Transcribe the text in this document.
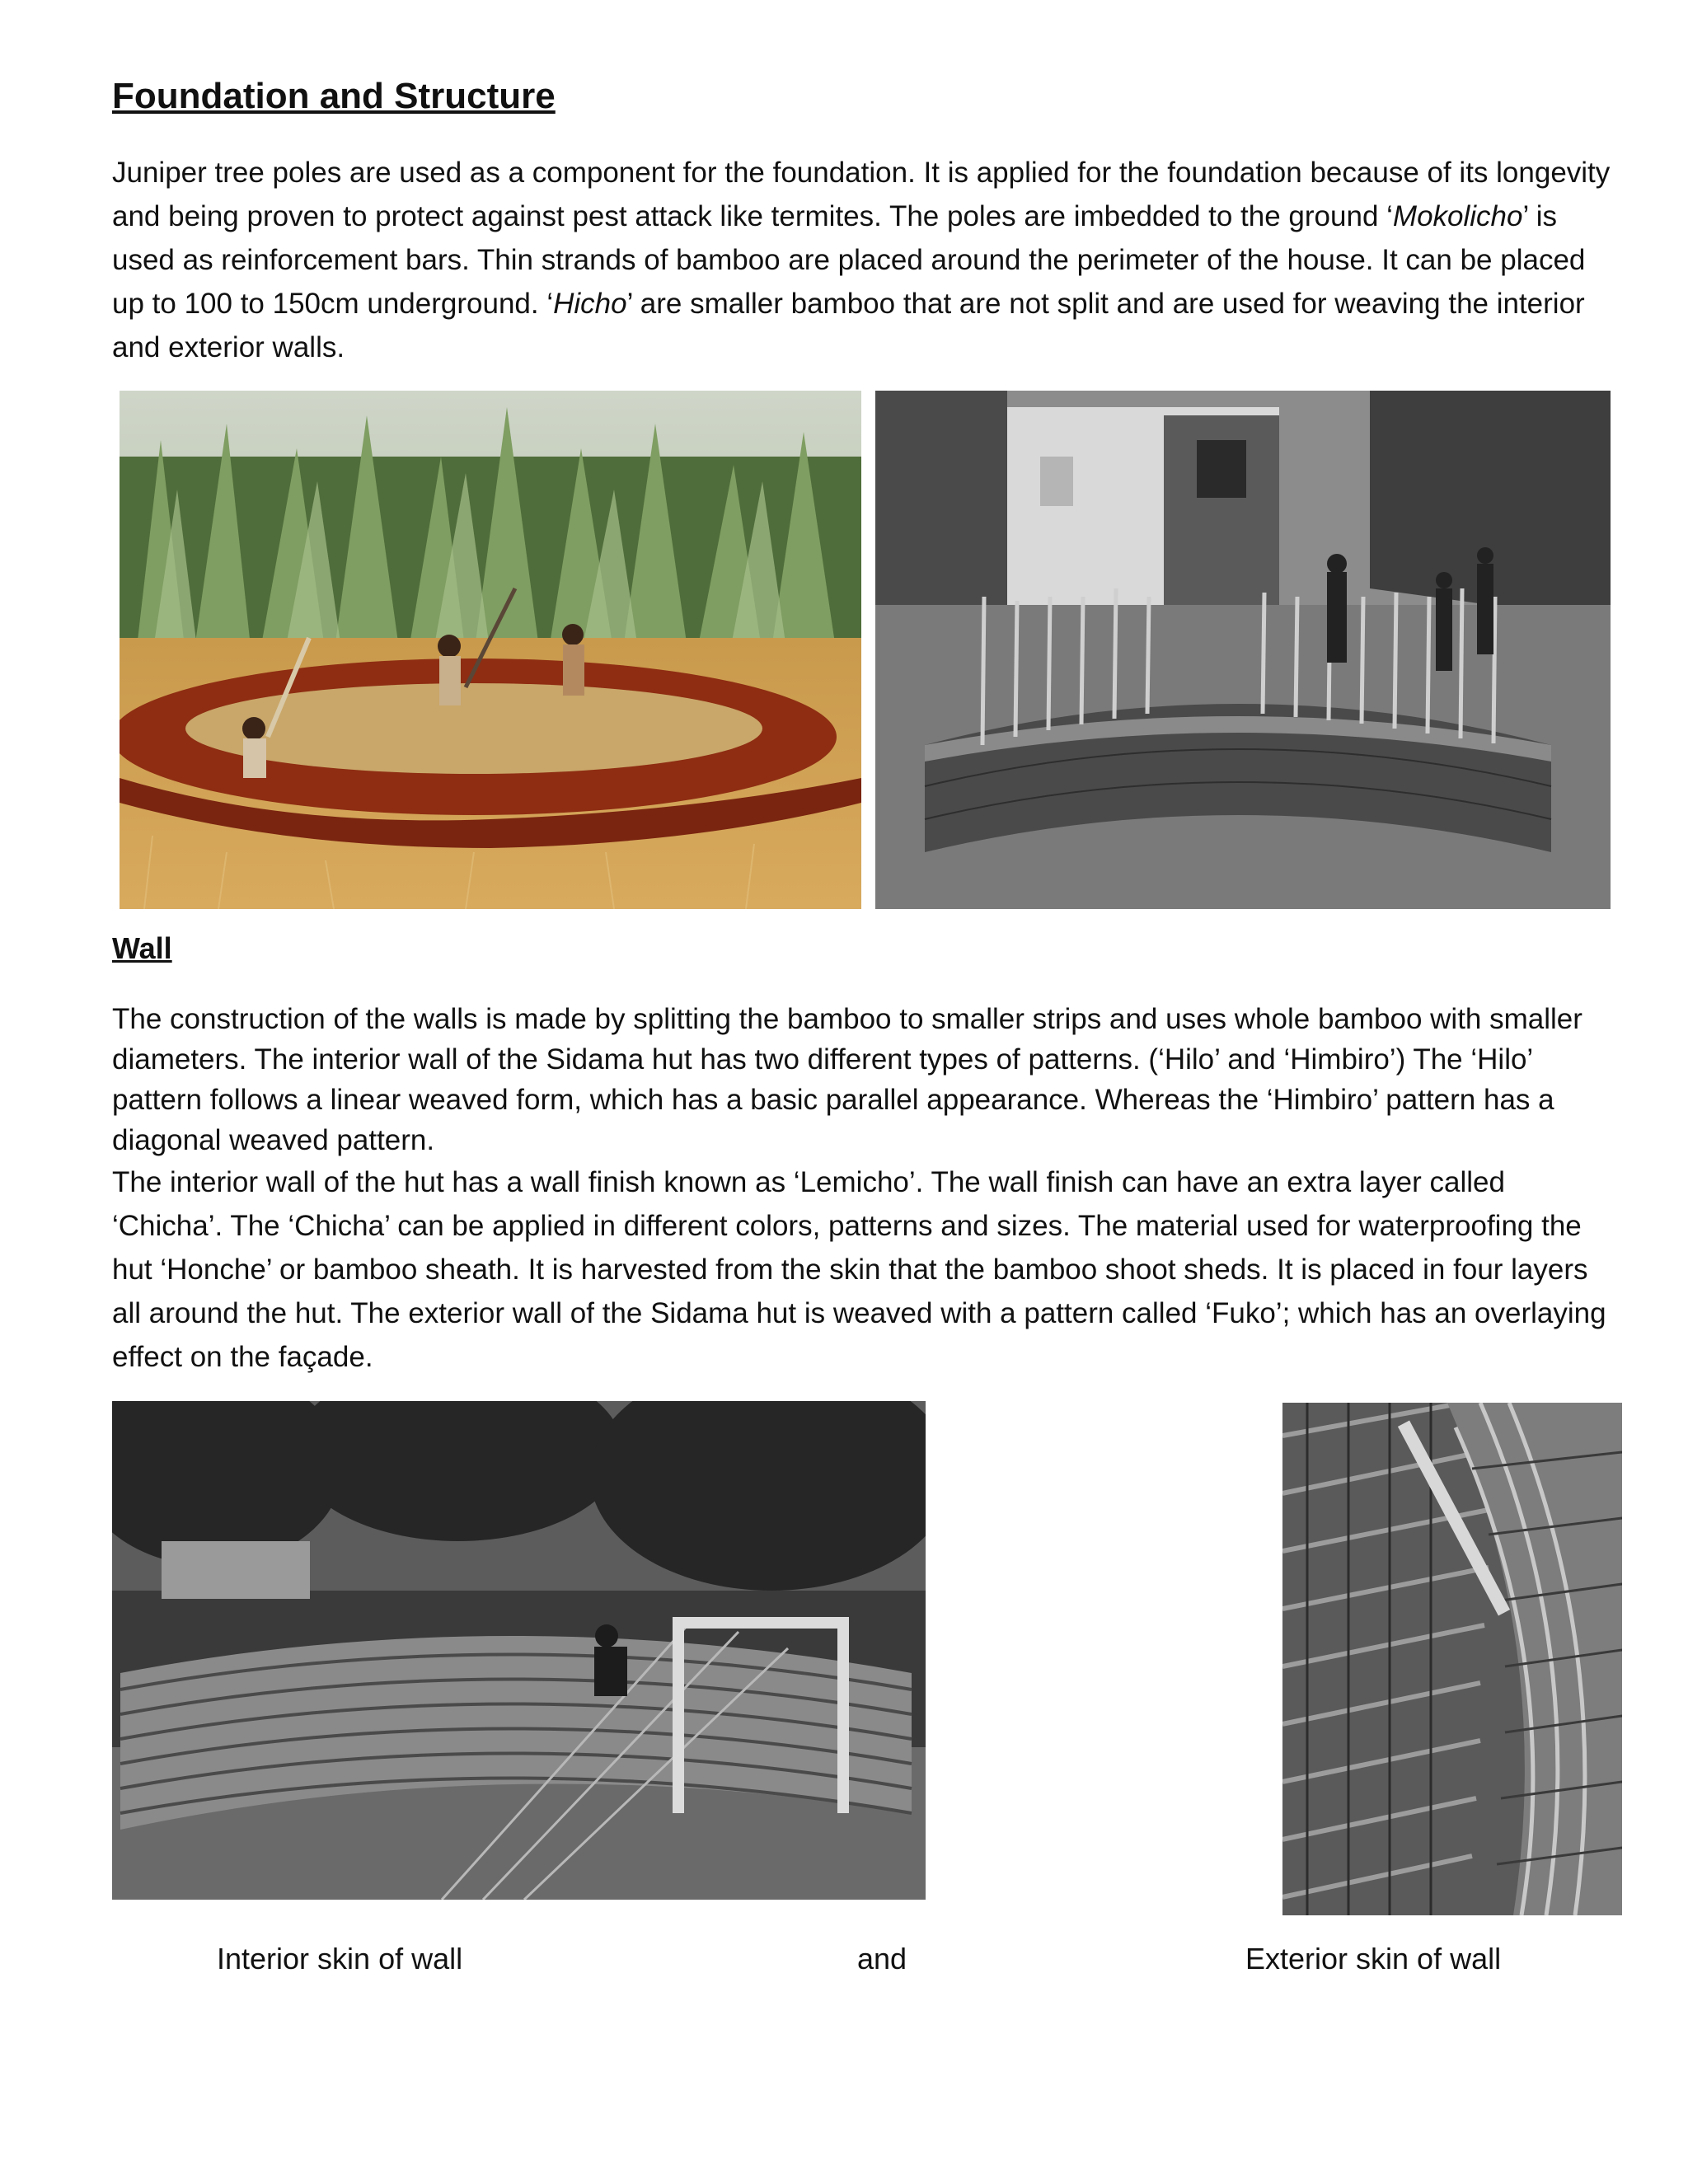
Foundation and Structure

Juniper tree poles are used as a component for the foundation. It is applied for the foundation because of its longevity and being proven to protect against pest attack like termites. The poles are imbedded to the ground ‘Mokolicho’ is used as reinforcement bars. Thin strands of bamboo are placed around the perimeter of the house. It can be placed up to 100 to 150cm underground. ‘Hicho’ are smaller bamboo that are not split and are used for weaving the interior and exterior walls.

Wall

The construction of the walls is made by splitting the bamboo to smaller strips and uses whole bamboo with smaller diameters. The interior wall of the Sidama hut has two different types of patterns. (‘Hilo’ and ‘Himbiro’) The ‘Hilo’ pattern follows a linear weaved form, which has a basic parallel appearance. Whereas the ‘Himbiro’ pattern has a diagonal weaved pattern.

The interior wall of the hut has a wall finish known as ‘Lemicho’. The wall finish can have an extra layer called ‘Chicha’. The ‘Chicha’ can be applied in different colors, patterns and sizes. The material used for waterproofing the hut ‘Honche’ or bamboo sheath. It is harvested from the skin that the bamboo shoot sheds. It is placed in four layers all around the hut. The exterior wall of the Sidama hut is weaved with a pattern called ‘Fuko’; which has an overlaying effect on the façade.

Interior skin of wall	and	Exterior skin of wall
